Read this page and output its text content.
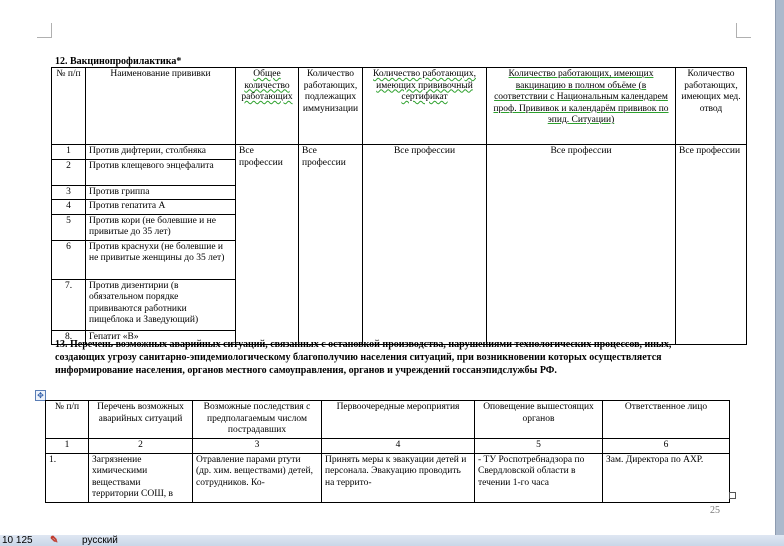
12. Вакцинопрофилактика*
№ п/п	Наименование прививки	Общее количество работающих	Количество работающих, подлежащих иммунизации	Количество работающих, имеющих прививочный сертификат	Количество работающих, имеющих вакцинацию в полном объёме (в соответствии с Национальным календарем проф. Прививок и календарём прививок по эпид. Ситуации)	Количество работающих, имеющих мед. отвод
1	Против дифтерии, столбняка	Все профессии	Все профессии	Все профессии	Все профессии	Все профессии
2	Против клещевого энцефалита					
3	Против гриппа					
4	Против гепатита А					
5	Против кори (не болевшие и не привитые до 35 лет)					
6	Против краснухи (не болевшие и не привитые женщины до 35 лет)					
7.	Против дизентирии (в обязательном порядке прививаются работники пищеблока и Заведующий)					
8.	Гепатит «В»					
13. Перечень возможных аварийных ситуаций, связанных с остановкой производства, нарушениями технологических процессов, иных, создающих угрозу санитарно-эпидемиологическому благополучию населения ситуаций, при возникновении которых осуществляется информирование населения, органов местного самоуправления, органов и учреждений госсанэпидслужбы РФ.
✥
№ п/п	Перечень возможных аварийных ситуаций	Возможные последствия с предполагаемым числом пострадавших	Первоочередные мероприятия	Оповещение вышестоящих органов	Ответственное лицо
1	2	3	4	5	6
1.	Загрязнение химическими веществами территории СОШ, в	Отравление парами ртути (др. хим. веществами) детей, сотрудников. Ко-	Принять меры к эвакуации детей и персонала. Эвакуацию проводить на террито-	- ТУ Роспотребнадзора по Свердловской области в течении 1-го часа	Зам. Директора по АХР.
25
10 125 ✎ русский
